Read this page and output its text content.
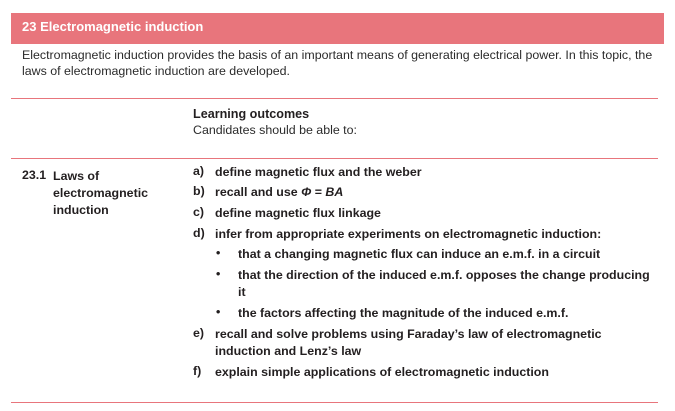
23 Electromagnetic induction
Electromagnetic induction provides the basis of an important means of generating electrical power. In this topic, the laws of electromagnetic induction are developed.
Learning outcomes
Candidates should be able to:
23.1 Laws of electromagnetic induction
a) define magnetic flux and the weber
b) recall and use Φ = BA
c) define magnetic flux linkage
d) infer from appropriate experiments on electromagnetic induction:
• that a changing magnetic flux can induce an e.m.f. in a circuit
• that the direction of the induced e.m.f. opposes the change producing it
• the factors affecting the magnitude of the induced e.m.f.
e) recall and solve problems using Faraday’s law of electromagnetic induction and Lenz’s law
f) explain simple applications of electromagnetic induction
